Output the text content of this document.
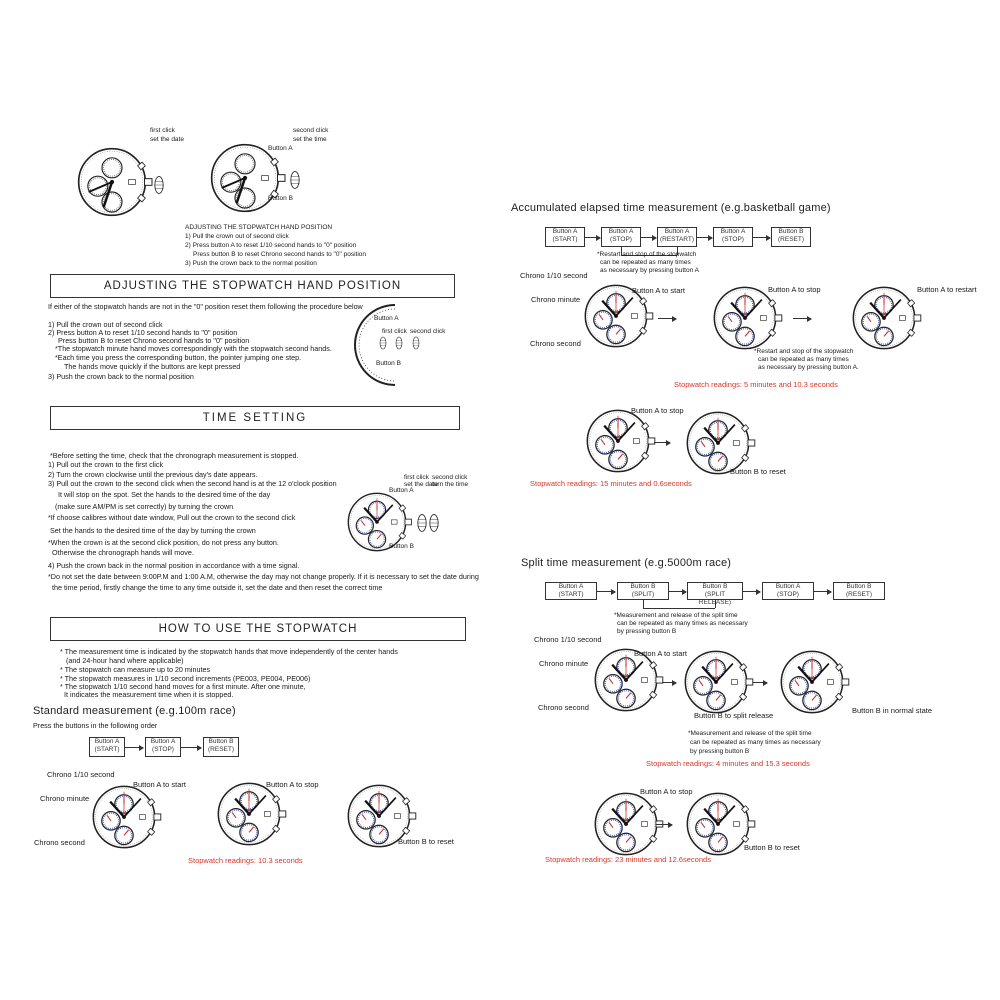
first click
set the date
second click
set the time
Button A
Button B
ADJUSTING THE STOPWATCH HAND POSITION
1) Pull the crown out of second click
2) Press button A to reset 1/10 second hands to "0" position
Press button B to reset Chrono second hands to "0" position
3) Push the crown back to the normal position
ADJUSTING THE STOPWATCH HAND POSITION
If either of the stopwatch hands are not in the "0" position reset them following the procedure below
1) Pull the crown out of second click
2) Press button A to reset 1/10 second hands to "0" position
Press button B to reset Chrono second hands to "0" position
*The stopwatch minute hand moves correspondingly with the stopwatch second hands.
*Each time you press the corresponding button, the pointer jumping one step.
The hands move quickly if the buttons are kept pressed
3) Push the crown back to the normal position
Button A
Button B
first click second click
TIME SETTING
*Before setting the time, check that the chronograph measurement is stopped.
1) Pull out the crown to the first click
2) Turn the crown clockwise until the previous day's date appears.
3) Pull out the crown to the second click when the second hand is at the 12 o'clock position
It will stop on the spot. Set the hands to the desired time of the day
(make sure AM/PM is set correctly) by turning the crown
*If choose calibres without date window, Pull out the crown to the second click
Set the hands to the desired time of the day by turning the crown
*When the crown is at the second click position, do not press any button.
Otherwise the chronograph hands will move.
4) Push the crown back in the normal position in accordance with a time signal.
*Do not set the date between 9:00P.M and 1:00 A.M, otherwise the day may not change properly. If it is necessary to set the date during
the time period, firstly change the time to any time outside it, set the date and then reset the correct time
first click
set the date
second click
turn the time
Button A
Button B
HOW TO USE THE STOPWATCH
* The measurement time is indicated by the stopwatch hands that move independently of the center hands
(and 24-hour hand where applicable)
* The stopwatch can measure up to 20 minutes
* The stopwatch measures in 1/10 second increments (PE003, PE004, PE006)
* The stopwatch 1/10 second hand moves for a first minute. After one minute,
It indicates the measurement time when it is stopped.
Standard measurement (e.g.100m race)
Press the buttons in the following order
Button A
(START)
Button A
(STOP)
Button B
(RESET)
Chrono 1/10 second
Chrono minute
Chrono second
Button A to start	Button A to stop
Button B to reset
Stopwatch readings: 10.3 seconds
Accumulated elapsed time measurement (e.g.basketball game)
Button A
(START)
Button A
(STOP)
Button A
(RESTART)
Button A
(STOP)
Button B
(RESET)
*Restart and stop of the stopwatch
can be repeated as many times
as necessary by pressing button A
Chrono 1/10 second
Chrono minute
Chrono second
Button A to start	Button A to stop	Button A to restart
*Restart and stop of the stopwatch
can be repeated as many times
as necessary by pressing button A.
Stopwatch readings: 5 minutes and 10.3 seconds
Button A to stop
Button B to reset
Stopwatch readings: 15 minutes and 0.6seconds
Split time measurement (e.g.5000m race)
Button A
(START)
Button B
(SPLIT)
Button B
(SPLIT RELEASE)
Button A
(STOP)
Button B
(RESET)
*Measurement and release of the split time
can be repeated as many times as necessary
by pressing button B
Chrono 1/10 second
Chrono minute
Chrono second
Button A to start
Button B to split release
Button B in normal state
*Measurement and release of the split time
can be repeated as many times as necessary
by pressing button B
Stopwatch readings: 4 minutes and 15.3 seconds
Button A to stop
Button B to reset
Stopwatch readings: 23 minutes and 12.6seconds
